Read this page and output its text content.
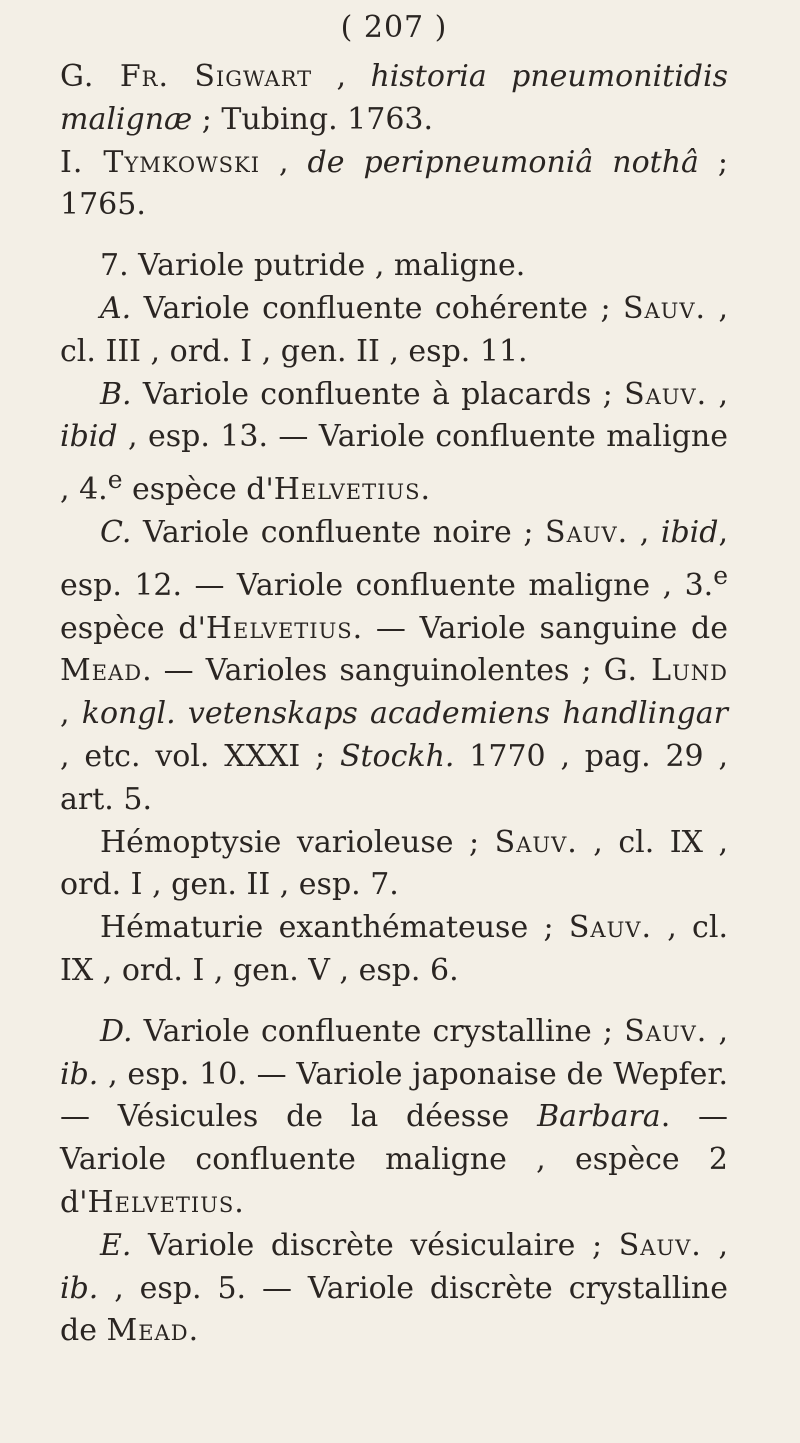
( 207 )

G. Fr. Sigwart , historia pneumonitidis malignæ ; Tubing. 1763.

I. Tymkowski , de peripneumoniâ nothâ ; 1765.

7. Variole putride , maligne.

A. Variole confluente cohérente ; Sauv. , cl. III , ord. I , gen. II , esp. 11.

B. Variole confluente à placards ; Sauv. , ibid , esp. 13. — Variole confluente maligne , 4.$^e$ espèce d'Helvetius.

C. Variole confluente noire ; Sauv. , ibid, esp. 12. — Variole confluente maligne , 3.$^e$ espèce d'Helvetius. — Variole sanguine de Mead. — Varioles sanguinolentes ; G. Lund , kongl. vetenskaps academiens handlingar , etc. vol. XXXI ; Stockh. 1770 , pag. 29 , art. 5.

Hémoptysie varioleuse ; Sauv. , cl. IX , ord. I , gen. II , esp. 7.

Hématurie exanthémateuse ; Sauv. , cl. IX , ord. I , gen. V , esp. 6.

D. Variole confluente crystalline ; Sauv. , ib. , esp. 10. — Variole japonaise de Wepfer. — Vésicules de la déesse Barbara. — Variole confluente maligne , espèce 2 d'Helvetius.

E. Variole discrète vésiculaire ; Sauv. , ib. , esp. 5. — Variole discrète crystalline de Mead.
